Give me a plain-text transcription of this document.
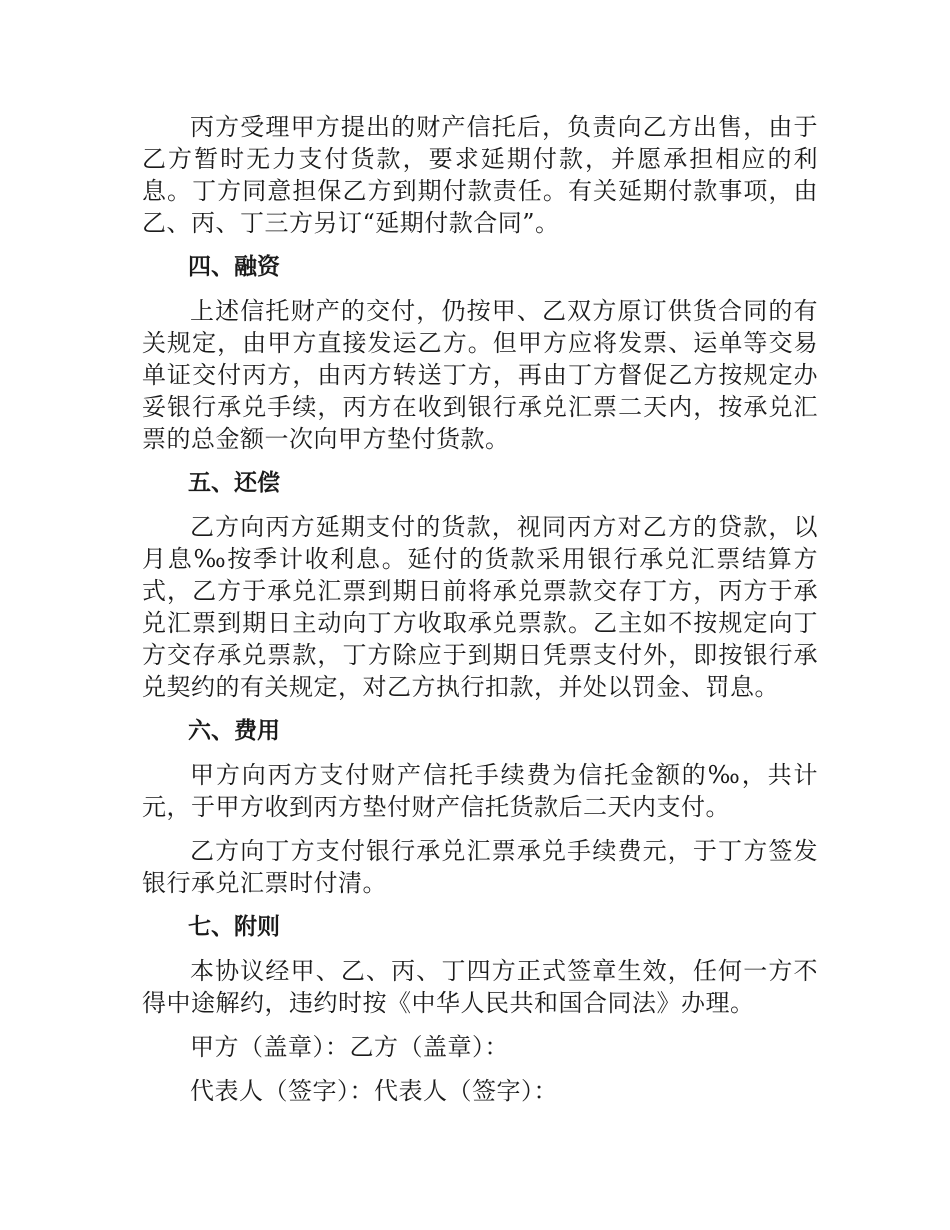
丙方受理甲方提出的财产信托后，负责向乙方出售，由于乙方暂时无力支付货款，要求延期付款，并愿承担相应的利息。丁方同意担保乙方到期付款责任。有关延期付款事项，由乙、丙、丁三方另订“延期付款合同”。

四、融资

上述信托财产的交付，仍按甲、乙双方原订供货合同的有关规定，由甲方直接发运乙方。但甲方应将发票、运单等交易单证交付丙方，由丙方转送丁方，再由丁方督促乙方按规定办妥银行承兑手续，丙方在收到银行承兑汇票二天内，按承兑汇票的总金额一次向甲方垫付货款。

五、还偿

乙方向丙方延期支付的货款，视同丙方对乙方的贷款，以月息‰按季计收利息。延付的货款采用银行承兑汇票结算方式，乙方于承兑汇票到期日前将承兑票款交存丁方，丙方于承兑汇票到期日主动向丁方收取承兑票款。乙主如不按规定向丁方交存承兑票款，丁方除应于到期日凭票支付外，即按银行承兑契约的有关规定，对乙方执行扣款，并处以罚金、罚息。

六、费用

甲方向丙方支付财产信托手续费为信托金额的‰，共计元，于甲方收到丙方垫付财产信托货款后二天内支付。

乙方向丁方支付银行承兑汇票承兑手续费元，于丁方签发银行承兑汇票时付清。

七、附则

本协议经甲、乙、丙、丁四方正式签章生效，任何一方不得中途解约，违约时按《中华人民共和国合同法》办理。

甲方（盖章）：乙方（盖章）：

代表人（签字）：代表人（签字）：
